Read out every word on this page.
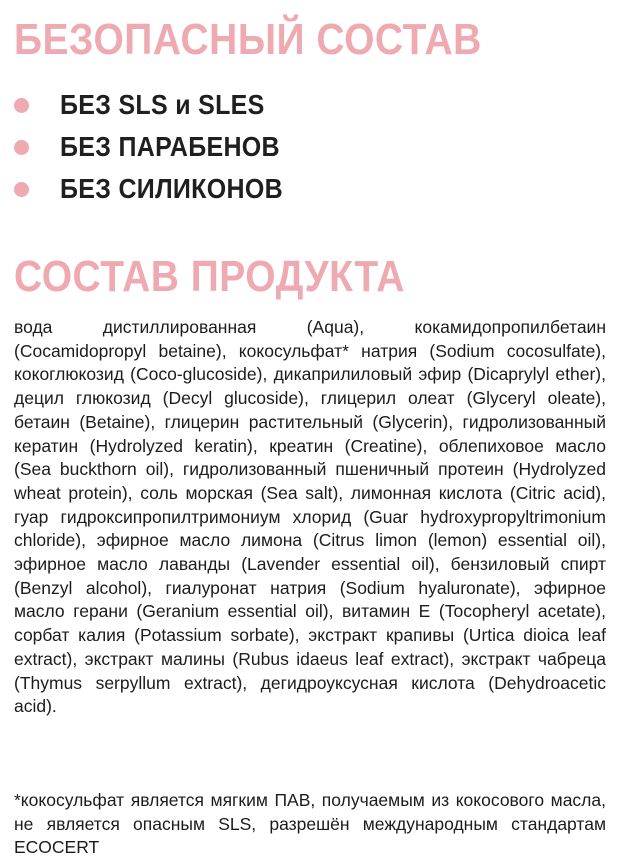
БЕЗОПАСНЫЙ СОСТАВ
БЕЗ SLS и SLES
БЕЗ ПАРАБЕНОВ
БЕЗ СИЛИКОНОВ
СОСТАВ ПРОДУКТА

вода дистиллированная (Aqua), кокамидопропилбетаин (Cocamidopropyl betaine), кокосульфат* натрия (Sodium cocosulfate), кокоглюкозид (Coco-glucoside), дикаприлиловый эфир (Dicaprylyl ether), децил глюкозид (Decyl glucoside), глицерил олеат (Glyceryl oleate), бетаин (Betaine), глицерин растительный (Glycerin), гидролизованный кератин (Hydrolyzed keratin), креатин (Creatine), облепиховое масло (Sea buckthorn oil), гидролизованный пшеничный протеин (Hydrolyzed wheat protein), соль морская (Sea salt), лимонная кислота (Citric acid), гуар гидроксипропилтримониум хлорид (Guar hydroxypropyltrimonium chloride), эфирное масло лимона (Citrus limon (lemon) essential oil), эфирное масло лаванды (Lavender essential oil), бензиловый спирт (Benzyl alcohol), гиалуронат натрия (Sodium hyaluronate), эфирное масло герани (Geranium essential oil), витамин Е (Tocopheryl acetate), сорбат калия (Potassium sorbate), экстракт крапивы (Urtica dioica leaf extract), экстракт малины (Rubus idaeus leaf extract), экстракт чабреца (Thymus serpyllum extract), дегидроуксусная кислота (Dehydroacetic acid).

*кокосульфат является мягким ПАВ, получаемым из кокосового масла, не является опасным SLS, разрешён международным стандартам ECOCERT
